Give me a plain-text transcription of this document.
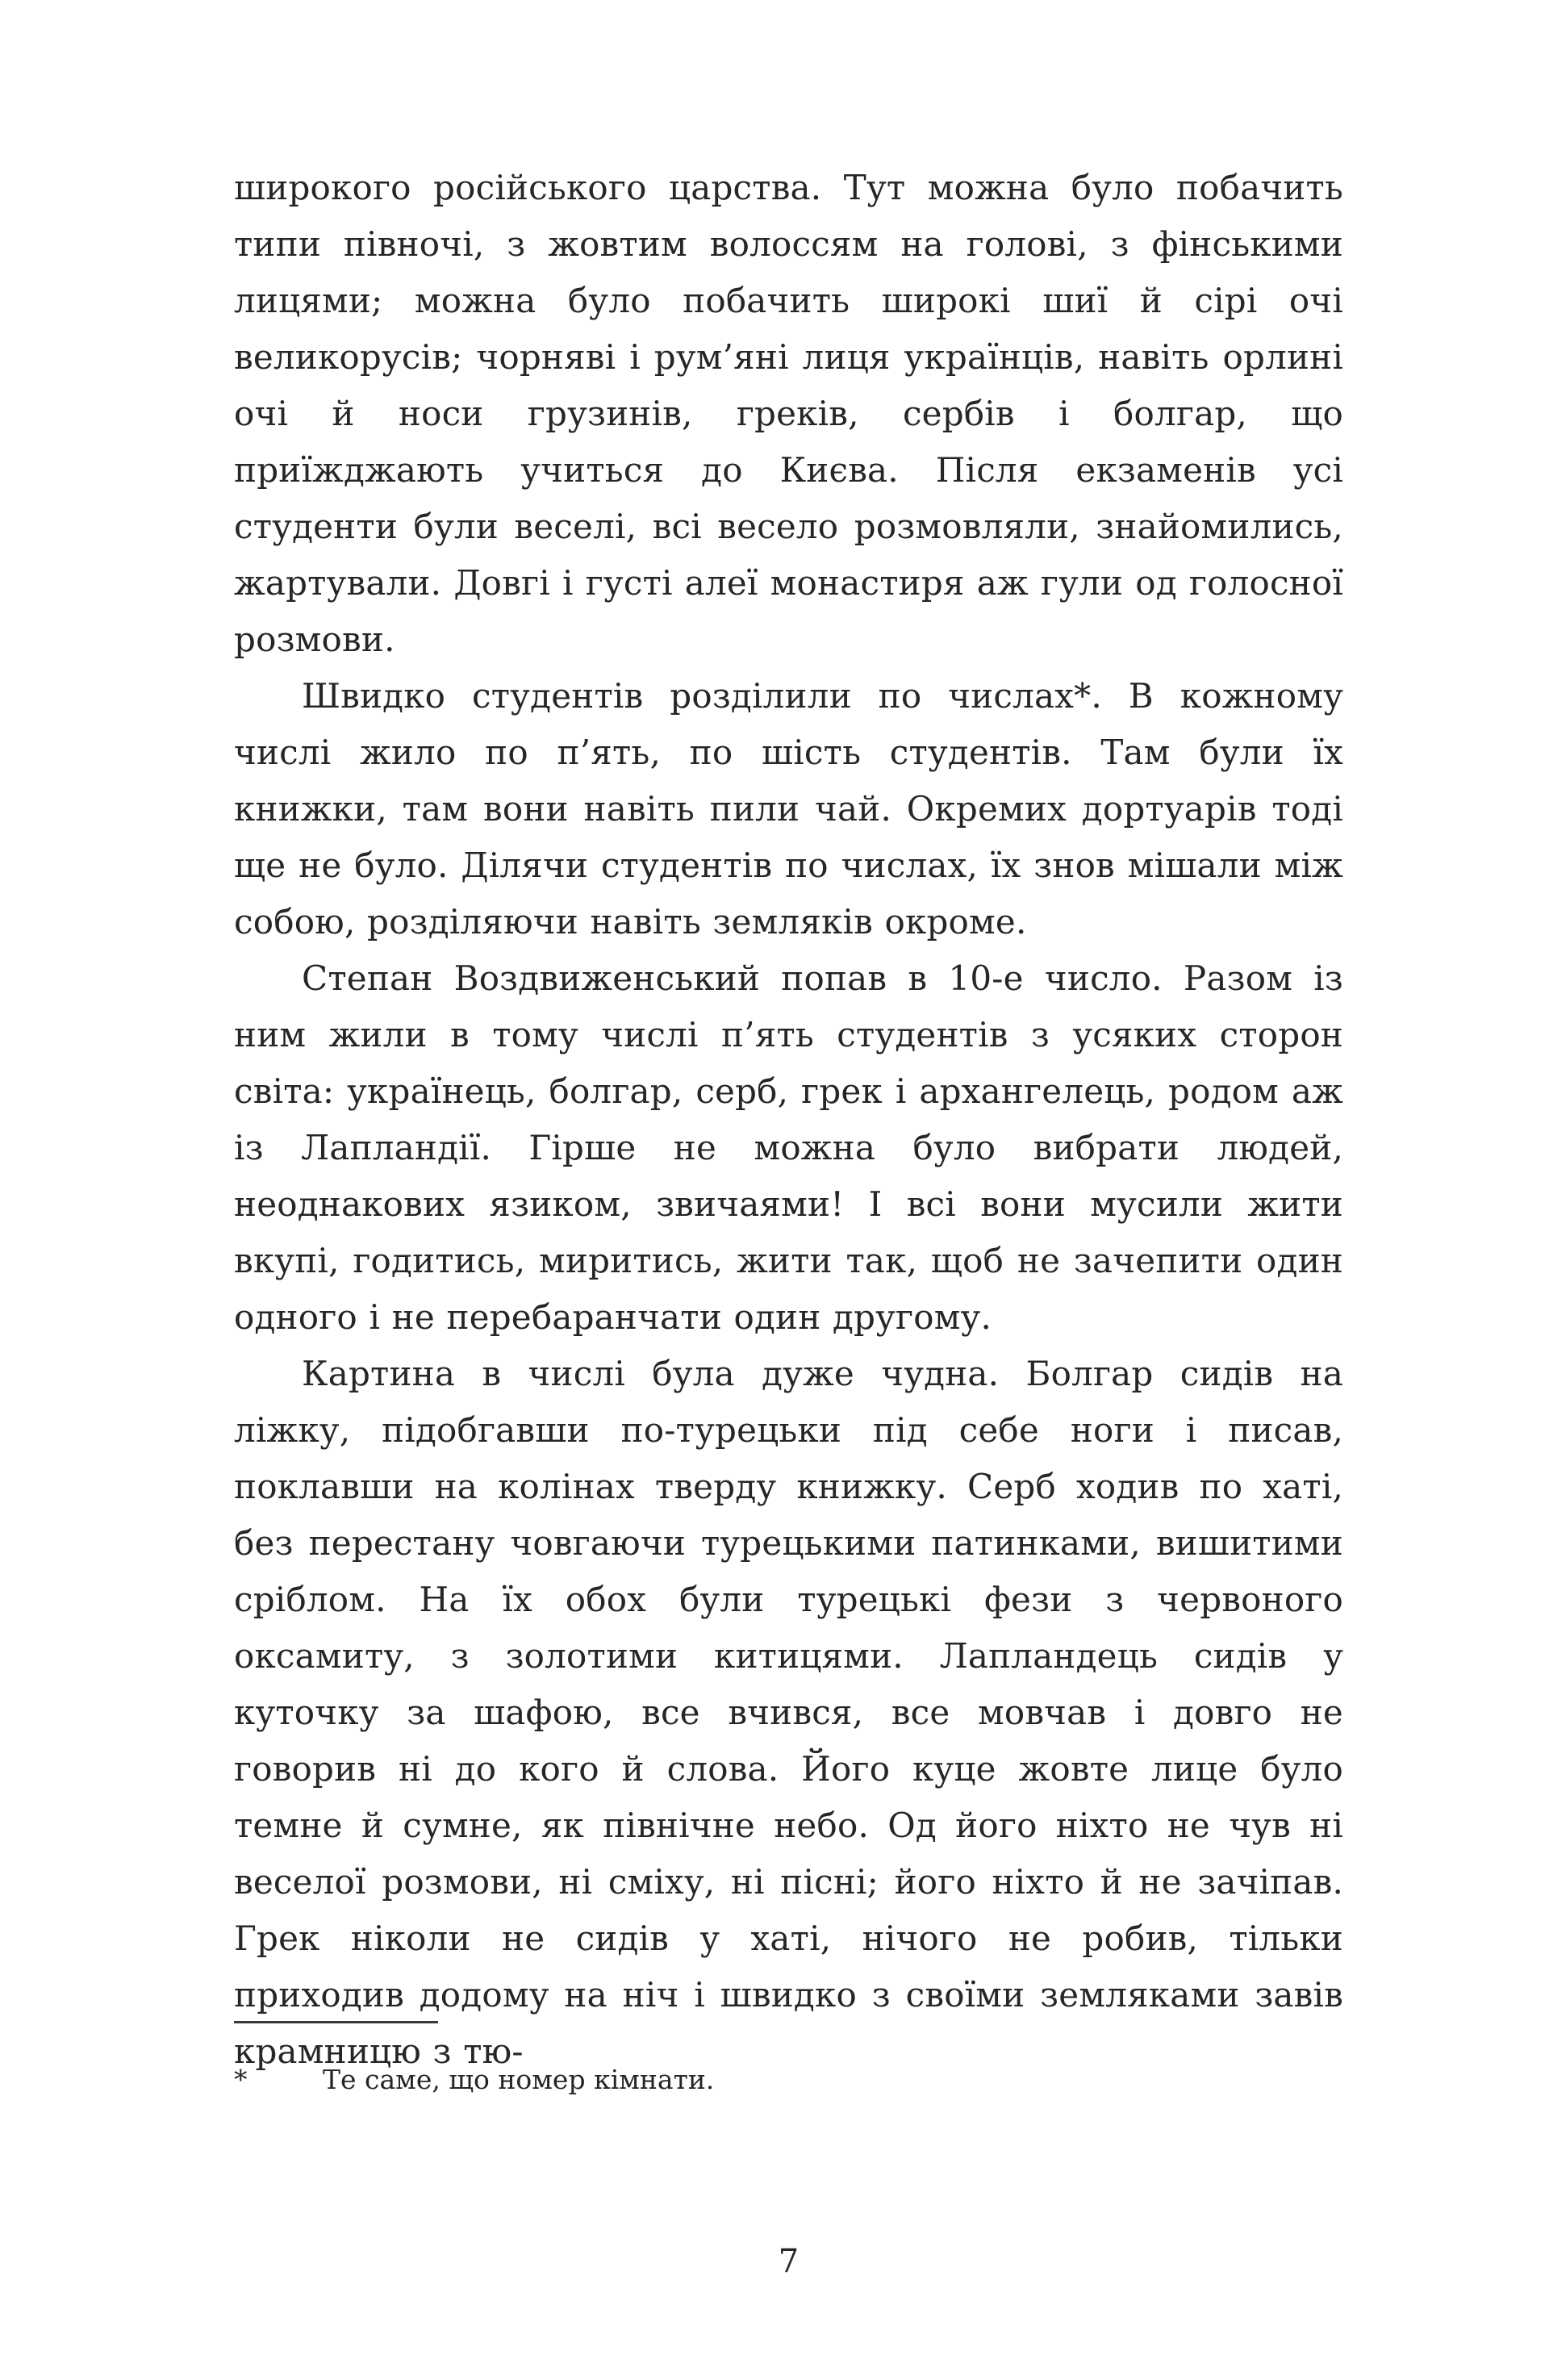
широкого російського царства. Тут можна було побачить типи півночі, з жовтим волоссям на голові, з фінськими лицями; можна було побачить широкі шиї й сірі очі великорусів; чорняві і рум’яні лиця українців, навіть орлині очі й носи грузинів, греків, сербів і болгар, що приїжджають учиться до Києва. Після екзаменів усі студенти були веселі, всі весело розмовляли, знайомились, жартували. Довгі і густі алеї монастиря аж гули од голосної розмови.

Швидко студентів розділили по числах*. В кожному числі жило по п’ять, по шість студентів. Там були їх книжки, там вони навіть пили чай. Окремих дортуарів тоді ще не було. Ділячи студентів по числах, їх знов мішали між собою, розділяючи навіть земляків окроме.

Степан Воздвиженський попав в 10-е число. Разом із ним жили в тому числі п’ять студентів з усяких сторон світа: українець, болгар, серб, грек і архангелець, родом аж із Лапландії. Гірше не можна було вибрати людей, неоднакових язиком, звичаями! І всі вони мусили жити вкупі, годитись, миритись, жити так, щоб не зачепити один одного і не перебаранчати один другому.

Картина в числі була дуже чудна. Болгар сидів на ліжку, підобгавши по-турецьки під себе ноги і писав, поклавши на колінах тверду книжку. Серб ходив по хаті, без перестану човгаючи турецькими патинками, вишитими сріблом. На їх обох були турецькі фези з червоного оксамиту, з золотими китицями. Лапландець сидів у куточку за шафою, все вчився, все мовчав і довго не говорив ні до кого й слова. Його куце жовте лице було темне й сумне, як північне небо. Од його ніхто не чув ні веселої розмови, ні сміху, ні пісні; його ніхто й не зачіпав. Грек ніколи не сидів у хаті, нічого не робив, тільки приходив додому на ніч і швидко з своїми земляками завів крамницю з тю-

*	Те саме, що номер кімнати.
7
